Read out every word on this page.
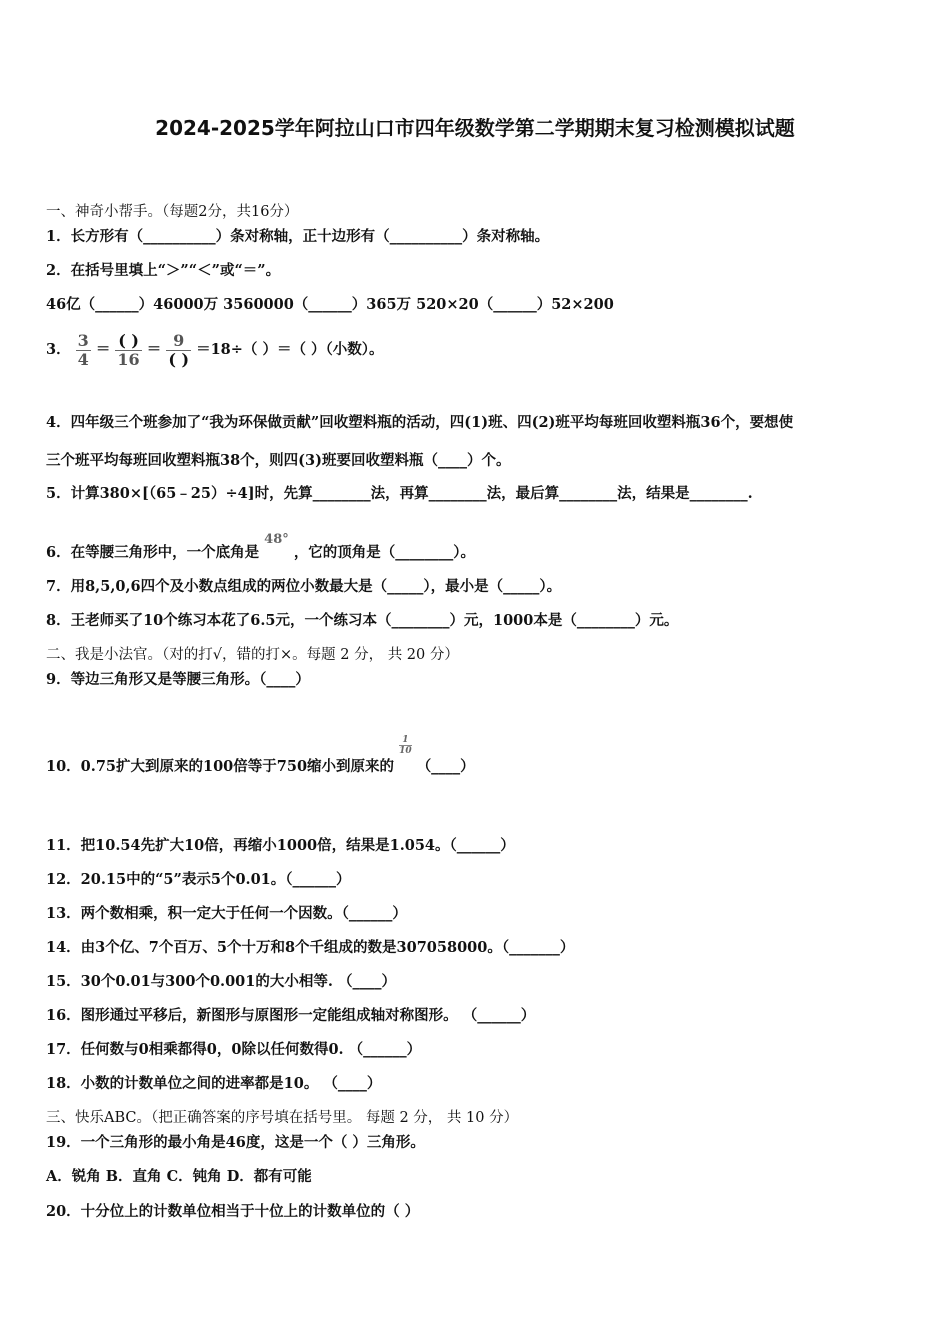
2024-2025学年阿拉山口市四年级数学第二学期期末复习检测模拟试题
一、神奇小帮手。（每题2分，共16分）
1．长方形有（__________）条对称轴，正十边形有（__________）条对称轴。
2．在括号里填上“＞”“＜”或“＝”。
46亿（______）46000万 3560000（______）365万 520×20（______）52×200
3． $\frac{3}{4} = \frac{( )}{16} = \frac{9}{( )} =18\div$（ ）＝（ ）（小数）。
4．四年级三个班参加了“我为环保做贡献”回收塑料瓶的活动，四(1)班、四(2)班平均每班回收塑料瓶36个，要想使
三个班平均每班回收塑料瓶38个，则四(3)班要回收塑料瓶（____）个。
5．计算380×[（65﹣25）÷4]时，先算________法，再算________法，最后算________法，结果是________.
6．在等腰三角形中，一个底角是 48° ，它的顶角是（________）。
7．用8,5,0,6四个及小数点组成的两位小数最大是（_____），最小是（_____）。
8．王老师买了10个练习本花了6.5元，一个练习本（________）元，1000本是（________）元。
二、我是小法官。（对的打√，错的打×。每题 2 分， 共 20 分）
9．等边三角形又是等腰三角形。（____）
10．0.75扩大到原来的100倍等于750缩小到原来的
$\frac{1}{10}$
（____）
11．把10.54先扩大10倍，再缩小1000倍，结果是1.054。（______）
12．20.15中的“5”表示5个0.01。（______）
13．两个数相乘，积一定大于任何一个因数。（______）
14．由3个亿、7个百万、5个十万和8个千组成的数是307058000。（_______）
15．30个0.01与300个0.001的大小相等. （____）
16．图形通过平移后，新图形与原图形一定能组成轴对称图形。 （______）
17．任何数与0相乘都得0，0除以任何数得0. （______）
18．小数的计数单位之间的进率都是10。 （____）
三、快乐ABC。（把正确答案的序号填在括号里。 每题 2 分， 共 10 分）
19．一个三角形的最小角是46度，这是一个（ ）三角形。
A．锐角 B．直角 C．钝角 D．都有可能
20．十分位上的计数单位相当于十位上的计数单位的（ ）
